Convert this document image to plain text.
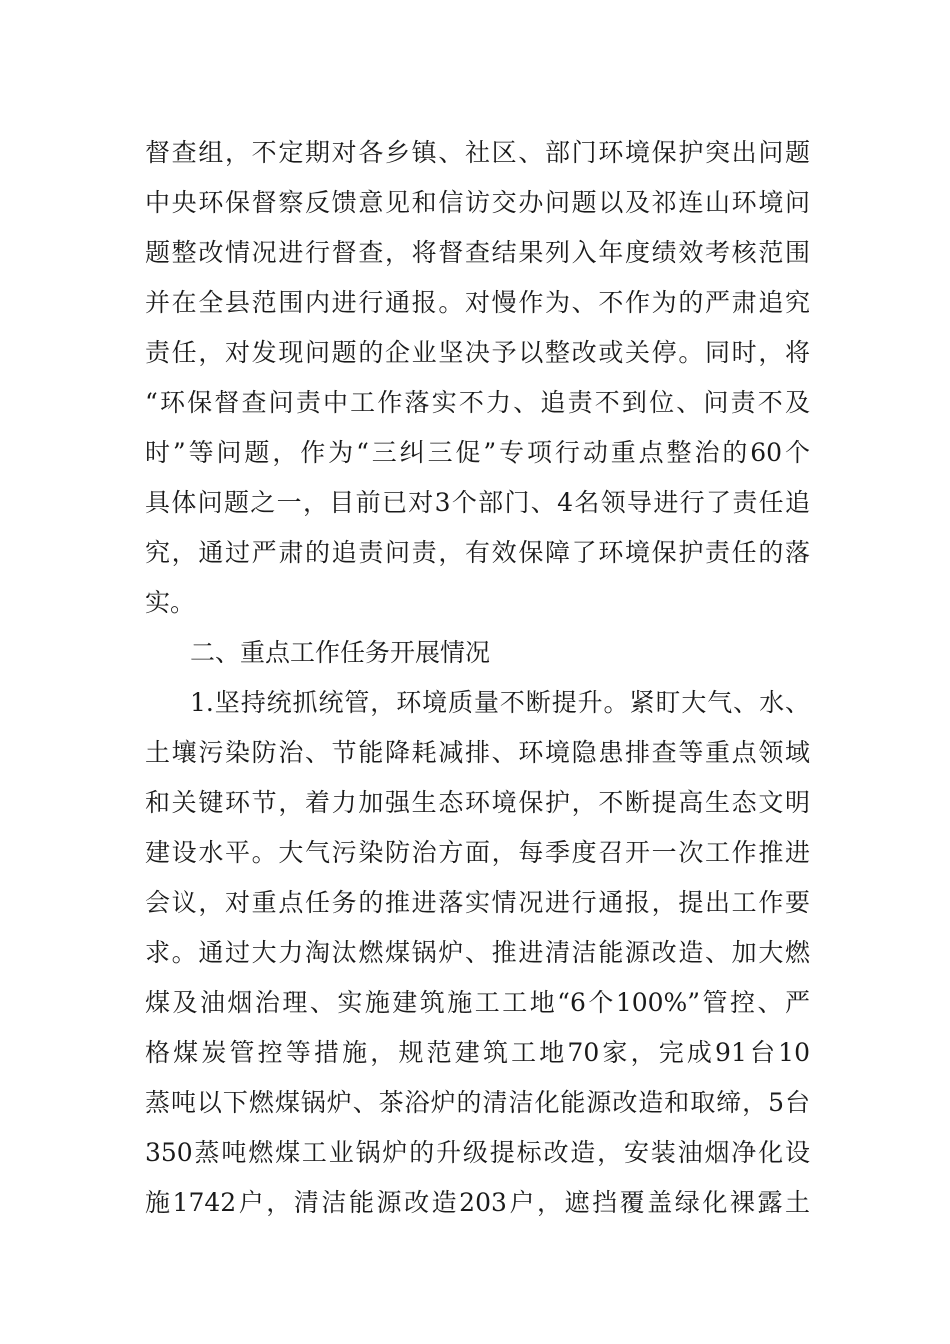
督查组，不定期对各乡镇、社区、部门环境保护突出问题
中央环保督察反馈意见和信访交办问题以及祁连山环境问
题整改情况进行督查，将督查结果列入年度绩效考核范围
并在全县范围内进行通报。对慢作为、不作为的严肃追究
责任，对发现问题的企业坚决予以整改或关停。同时，将
“环保督查问责中工作落实不力、追责不到位、问责不及
时”等问题，作为“三纠三促”专项行动重点整治的60个
具体问题之一，目前已对3个部门、4名领导进行了责任追
究，通过严肃的追责问责，有效保障了环境保护责任的落
实。
二、重点工作任务开展情况
1.坚持统抓统管，环境质量不断提升。紧盯大气、水、
土壤污染防治、节能降耗减排、环境隐患排查等重点领域
和关键环节，着力加强生态环境保护，不断提高生态文明
建设水平。大气污染防治方面，每季度召开一次工作推进
会议，对重点任务的推进落实情况进行通报，提出工作要
求。通过大力淘汰燃煤锅炉、推进清洁能源改造、加大燃
煤及油烟治理、实施建筑施工工地“6个100%”管控、严
格煤炭管控等措施，规范建筑工地70家，完成91台10
蒸吨以下燃煤锅炉、茶浴炉的清洁化能源改造和取缔，5台
350蒸吨燃煤工业锅炉的升级提标改造，安装油烟净化设
施1742户，清洁能源改造203户，遮挡覆盖绿化裸露土
